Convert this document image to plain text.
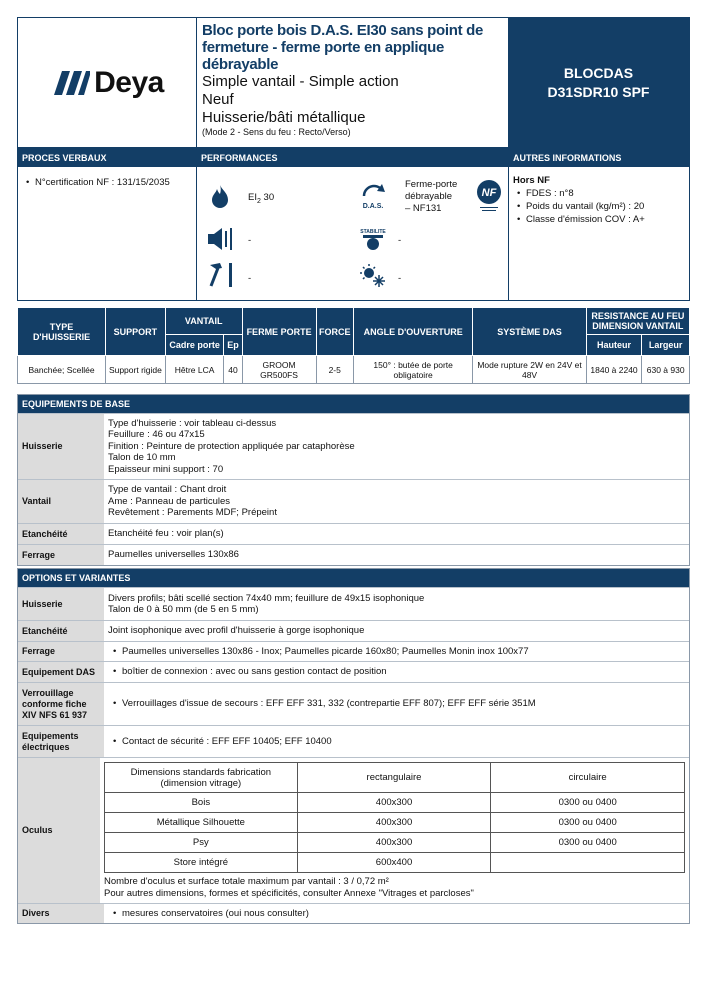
Deya
Bloc porte bois D.A.S. EI30 sans point de
fermeture - ferme porte en applique
débrayable
Simple vantail - Simple action
Neuf
Huisserie/bâti métallique
(Mode 2 - Sens du feu : Recto/Verso)
BLOCDAS
D31SDR10 SPF
PROCES VERBAUX	PERFORMANCES	AUTRES INFORMATIONS
• N°certification NF : 131/15/2035
$EI_2$ 30
-
-
D.A.S.
Ferme-porte
débrayable
– NF131
NF
STABILITE
-
-
Hors NF
• FDES : n°8
• Poids du vantail (kg/m²) : 20
• Classe d'émission COV : A+
TYPE D'HUISSERIE	SUPPORT	VANTAIL		FERME PORTE	FORCE	ANGLE D'OUVERTURE	SYSTÈME DAS	RESISTANCE AU FEU DIMENSION VANTAIL	
		Cadre porte	Ep					Hauteur	Largeur
Banchée; Scellée	Support rigide	Hêtre LCA	40	GROOM GR500FS	2-5	150° : butée de porte obligatoire	Mode rupture 2W en 24V et 48V	1840 à 2240	630 à 930
EQUIPEMENTS DE BASE
Huisserie
Type d'huisserie : voir tableau ci-dessus
Feuillure : 46 ou 47x15
Finition : Peinture de protection appliquée par cataphorèse
Talon de 10 mm
Epaisseur mini support : 70
Vantail
Type de vantail : Chant droit
Ame : Panneau de particules
Revêtement : Parements MDF; Prépeint
Etanchéité	Etanchéité feu : voir plan(s)
Ferrage	Paumelles universelles 130x86
OPTIONS ET VARIANTES
Huisserie	Divers profils; bâti scellé section 74x40 mm; feuillure de 49x15 isophonique
Talon de 0 à 50 mm (de 5 en 5 mm)
Etanchéité	Joint isophonique avec profil d'huisserie à gorge isophonique
Ferrage	• Paumelles universelles 130x86 - Inox; Paumelles picarde 160x80; Paumelles Monin inox 100x77
Equipement DAS	• boîtier de connexion : avec ou sans gestion contact de position
Verrouillage conforme fiche XIV NFS 61 937
• Verrouillages d'issue de secours : EFF EFF 331, 332 (contrepartie EFF 807); EFF EFF série 351M
Equipements électriques	• Contact de sécurité : EFF EFF 10405; EFF 10400
Oculus
Dimensions standards fabrication (dimension vitrage)	rectangulaire	circulaire
Bois	400x300	0300 ou 0400
Métallique Silhouette	400x300	0300 ou 0400
Psy	400x300	0300 ou 0400
Store intégré	600x400	
Nombre d'oculus et surface totale maximum par vantail : 3 / 0,72 m²
Pour autres dimensions, formes et spécificités, consulter Annexe "Vitrages et parcloses"
Divers	• mesures conservatoires (oui nous consulter)
